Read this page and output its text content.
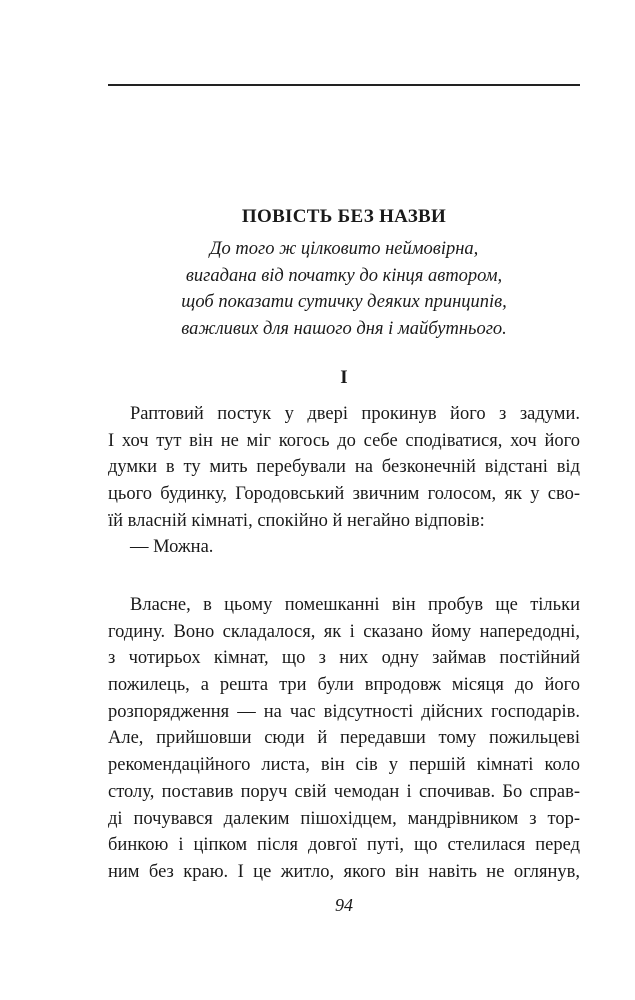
ПОВІСТЬ БЕЗ НАЗВИ
До того ж цілковито неймовірна,
вигадана від початку до кінця автором,
щоб показати сутичку деяких принципів,
важливих для нашого дня і майбутнього.
I
Раптовий постук у двері прокинув його з задуми.
І хоч тут він не міг когось до себе сподіватися, хоч його
думки в ту мить перебували на безконечній відстані від
цього будинку, Городовський звичним голосом, як у сво-
їй власній кімнаті, спокійно й негайно відповів:
— Можна.
Власне, в цьому помешканні він пробув ще тільки
годину. Воно складалося, як і сказано йому напередодні,
з чотирьох кімнат, що з них одну займав постійний
пожилець, а решта три були впродовж місяця до його
розпорядження — на час відсутності дійсних господарів.
Але, прийшовши сюди й передавши тому пожильцеві
рекомендаційного листа, він сів у першій кімнаті коло
столу, поставив поруч свій чемодан і спочивав. Бо справ-
ді почувався далеким пішохідцем, мандрівником з тор-
бинкою і ціпком після довгої путі, що стелилася перед
ним без краю. І це житло, якого він навіть не оглянув,
94
